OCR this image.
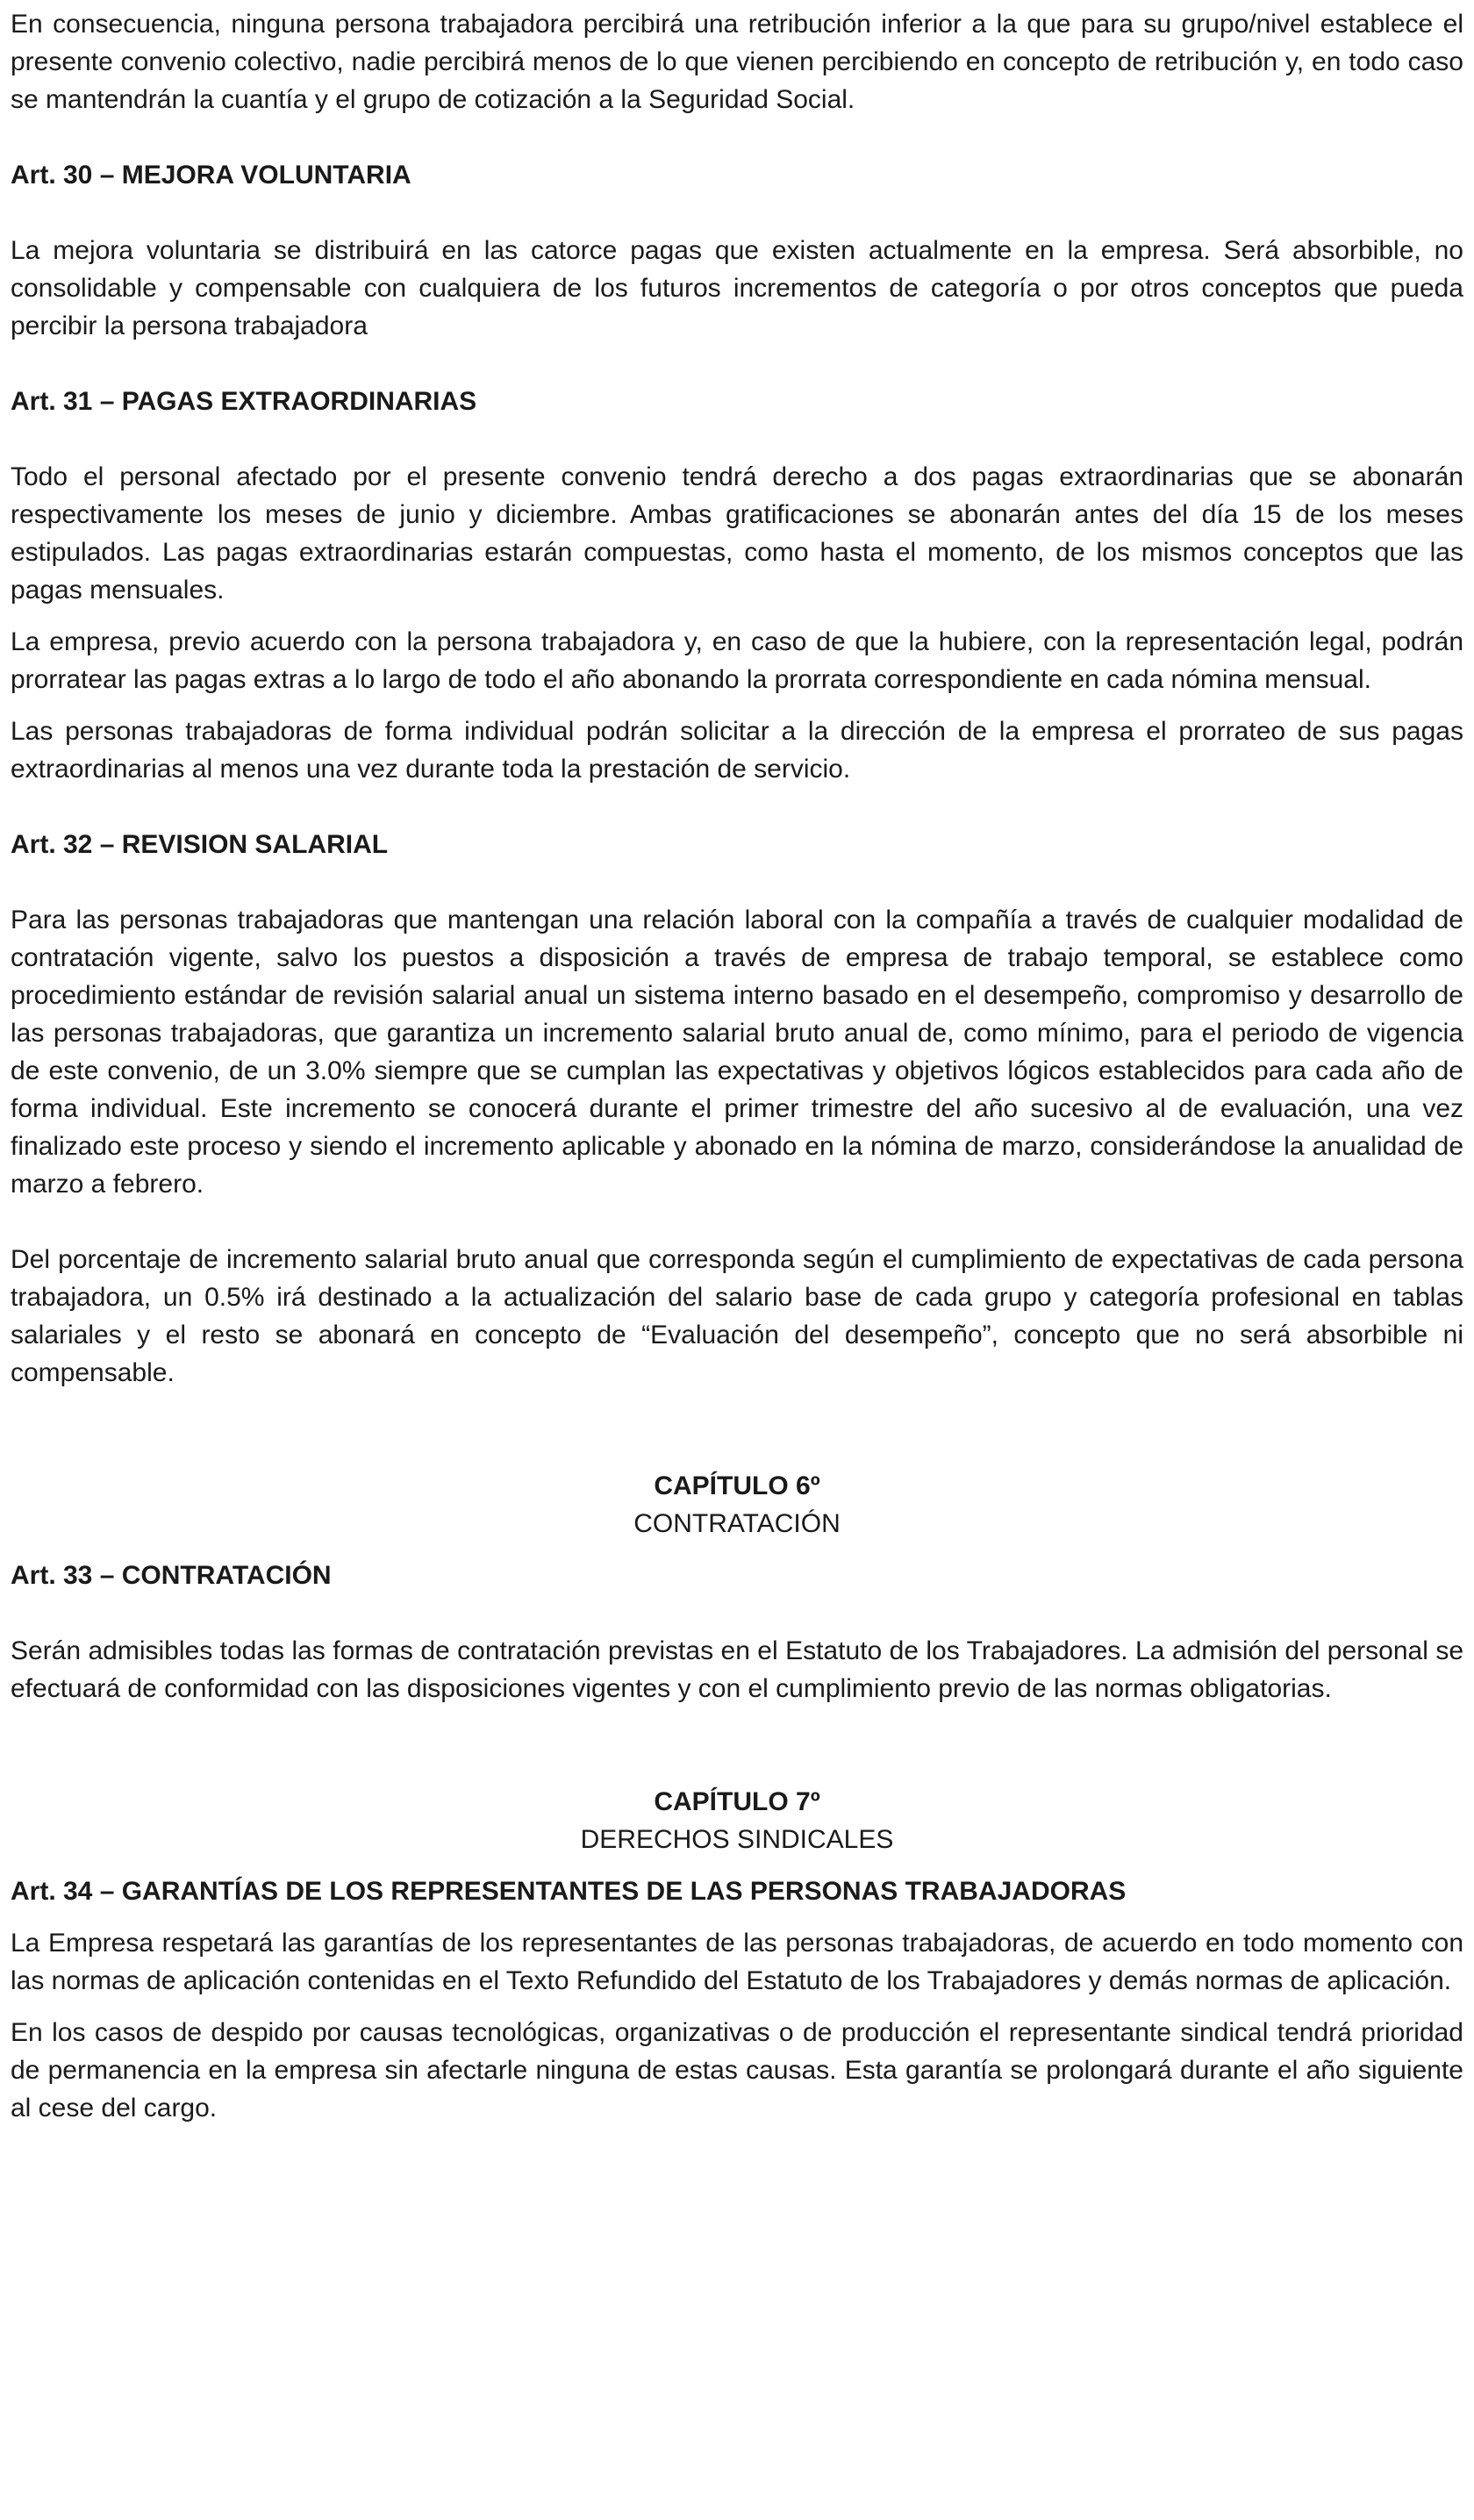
En consecuencia, ninguna persona trabajadora percibirá una retribución inferior a la que para su grupo/nivel establece el presente convenio colectivo, nadie percibirá menos de lo que vienen percibiendo en concepto de retribución y, en todo caso se mantendrán la cuantía y el grupo de cotización a la Seguridad Social.

Art. 30 – MEJORA VOLUNTARIA

La mejora voluntaria se distribuirá en las catorce pagas que existen actualmente en la empresa. Será absorbible, no consolidable y compensable con cualquiera de los futuros incrementos de categoría o por otros conceptos que pueda percibir la persona trabajadora

Art. 31 – PAGAS EXTRAORDINARIAS

Todo el personal afectado por el presente convenio tendrá derecho a dos pagas extraordinarias que se abonarán respectivamente los meses de junio y diciembre. Ambas gratificaciones se abonarán antes del día 15 de los meses estipulados. Las pagas extraordinarias estarán compuestas, como hasta el momento, de los mismos conceptos que las pagas mensuales.

La empresa, previo acuerdo con la persona trabajadora y, en caso de que la hubiere, con la representación legal, podrán prorratear las pagas extras a lo largo de todo el año abonando la prorrata correspondiente en cada nómina mensual.

Las personas trabajadoras de forma individual podrán solicitar a la dirección de la empresa el prorrateo de sus pagas extraordinarias al menos una vez durante toda la prestación de servicio.

Art. 32 – REVISION SALARIAL

Para las personas trabajadoras que mantengan una relación laboral con la compañía a través de cualquier modalidad de contratación vigente, salvo los puestos a disposición a través de empresa de trabajo temporal, se establece como procedimiento estándar de revisión salarial anual un sistema interno basado en el desempeño, compromiso y desarrollo de las personas trabajadoras, que garantiza un incremento salarial bruto anual de, como mínimo, para el periodo de vigencia de este convenio, de un 3.0% siempre que se cumplan las expectativas y objetivos lógicos establecidos para cada año de forma individual. Este incremento se conocerá durante el primer trimestre del año sucesivo al de evaluación, una vez finalizado este proceso y siendo el incremento aplicable y abonado en la nómina de marzo, considerándose la anualidad de marzo a febrero.

Del porcentaje de incremento salarial bruto anual que corresponda según el cumplimiento de expectativas de cada persona trabajadora, un 0.5% irá destinado a la actualización del salario base de cada grupo y categoría profesional en tablas salariales y el resto se abonará en concepto de “Evaluación del desempeño”, concepto que no será absorbible ni compensable.

CAPÍTULO 6º
CONTRATACIÓN
Art. 33 – CONTRATACIÓN

Serán admisibles todas las formas de contratación previstas en el Estatuto de los Trabajadores. La admisión del personal se efectuará de conformidad con las disposiciones vigentes y con el cumplimiento previo de las normas obligatorias.

CAPÍTULO 7º
DERECHOS SINDICALES
Art. 34 – GARANTÍAS DE LOS REPRESENTANTES DE LAS PERSONAS TRABAJADORAS

La Empresa respetará las garantías de los representantes de las personas trabajadoras, de acuerdo en todo momento con las normas de aplicación contenidas en el Texto Refundido del Estatuto de los Trabajadores y demás normas de aplicación.

En los casos de despido por causas tecnológicas, organizativas o de producción el representante sindical tendrá prioridad de permanencia en la empresa sin afectarle ninguna de estas causas. Esta garantía se prolongará durante el año siguiente al cese del cargo.
